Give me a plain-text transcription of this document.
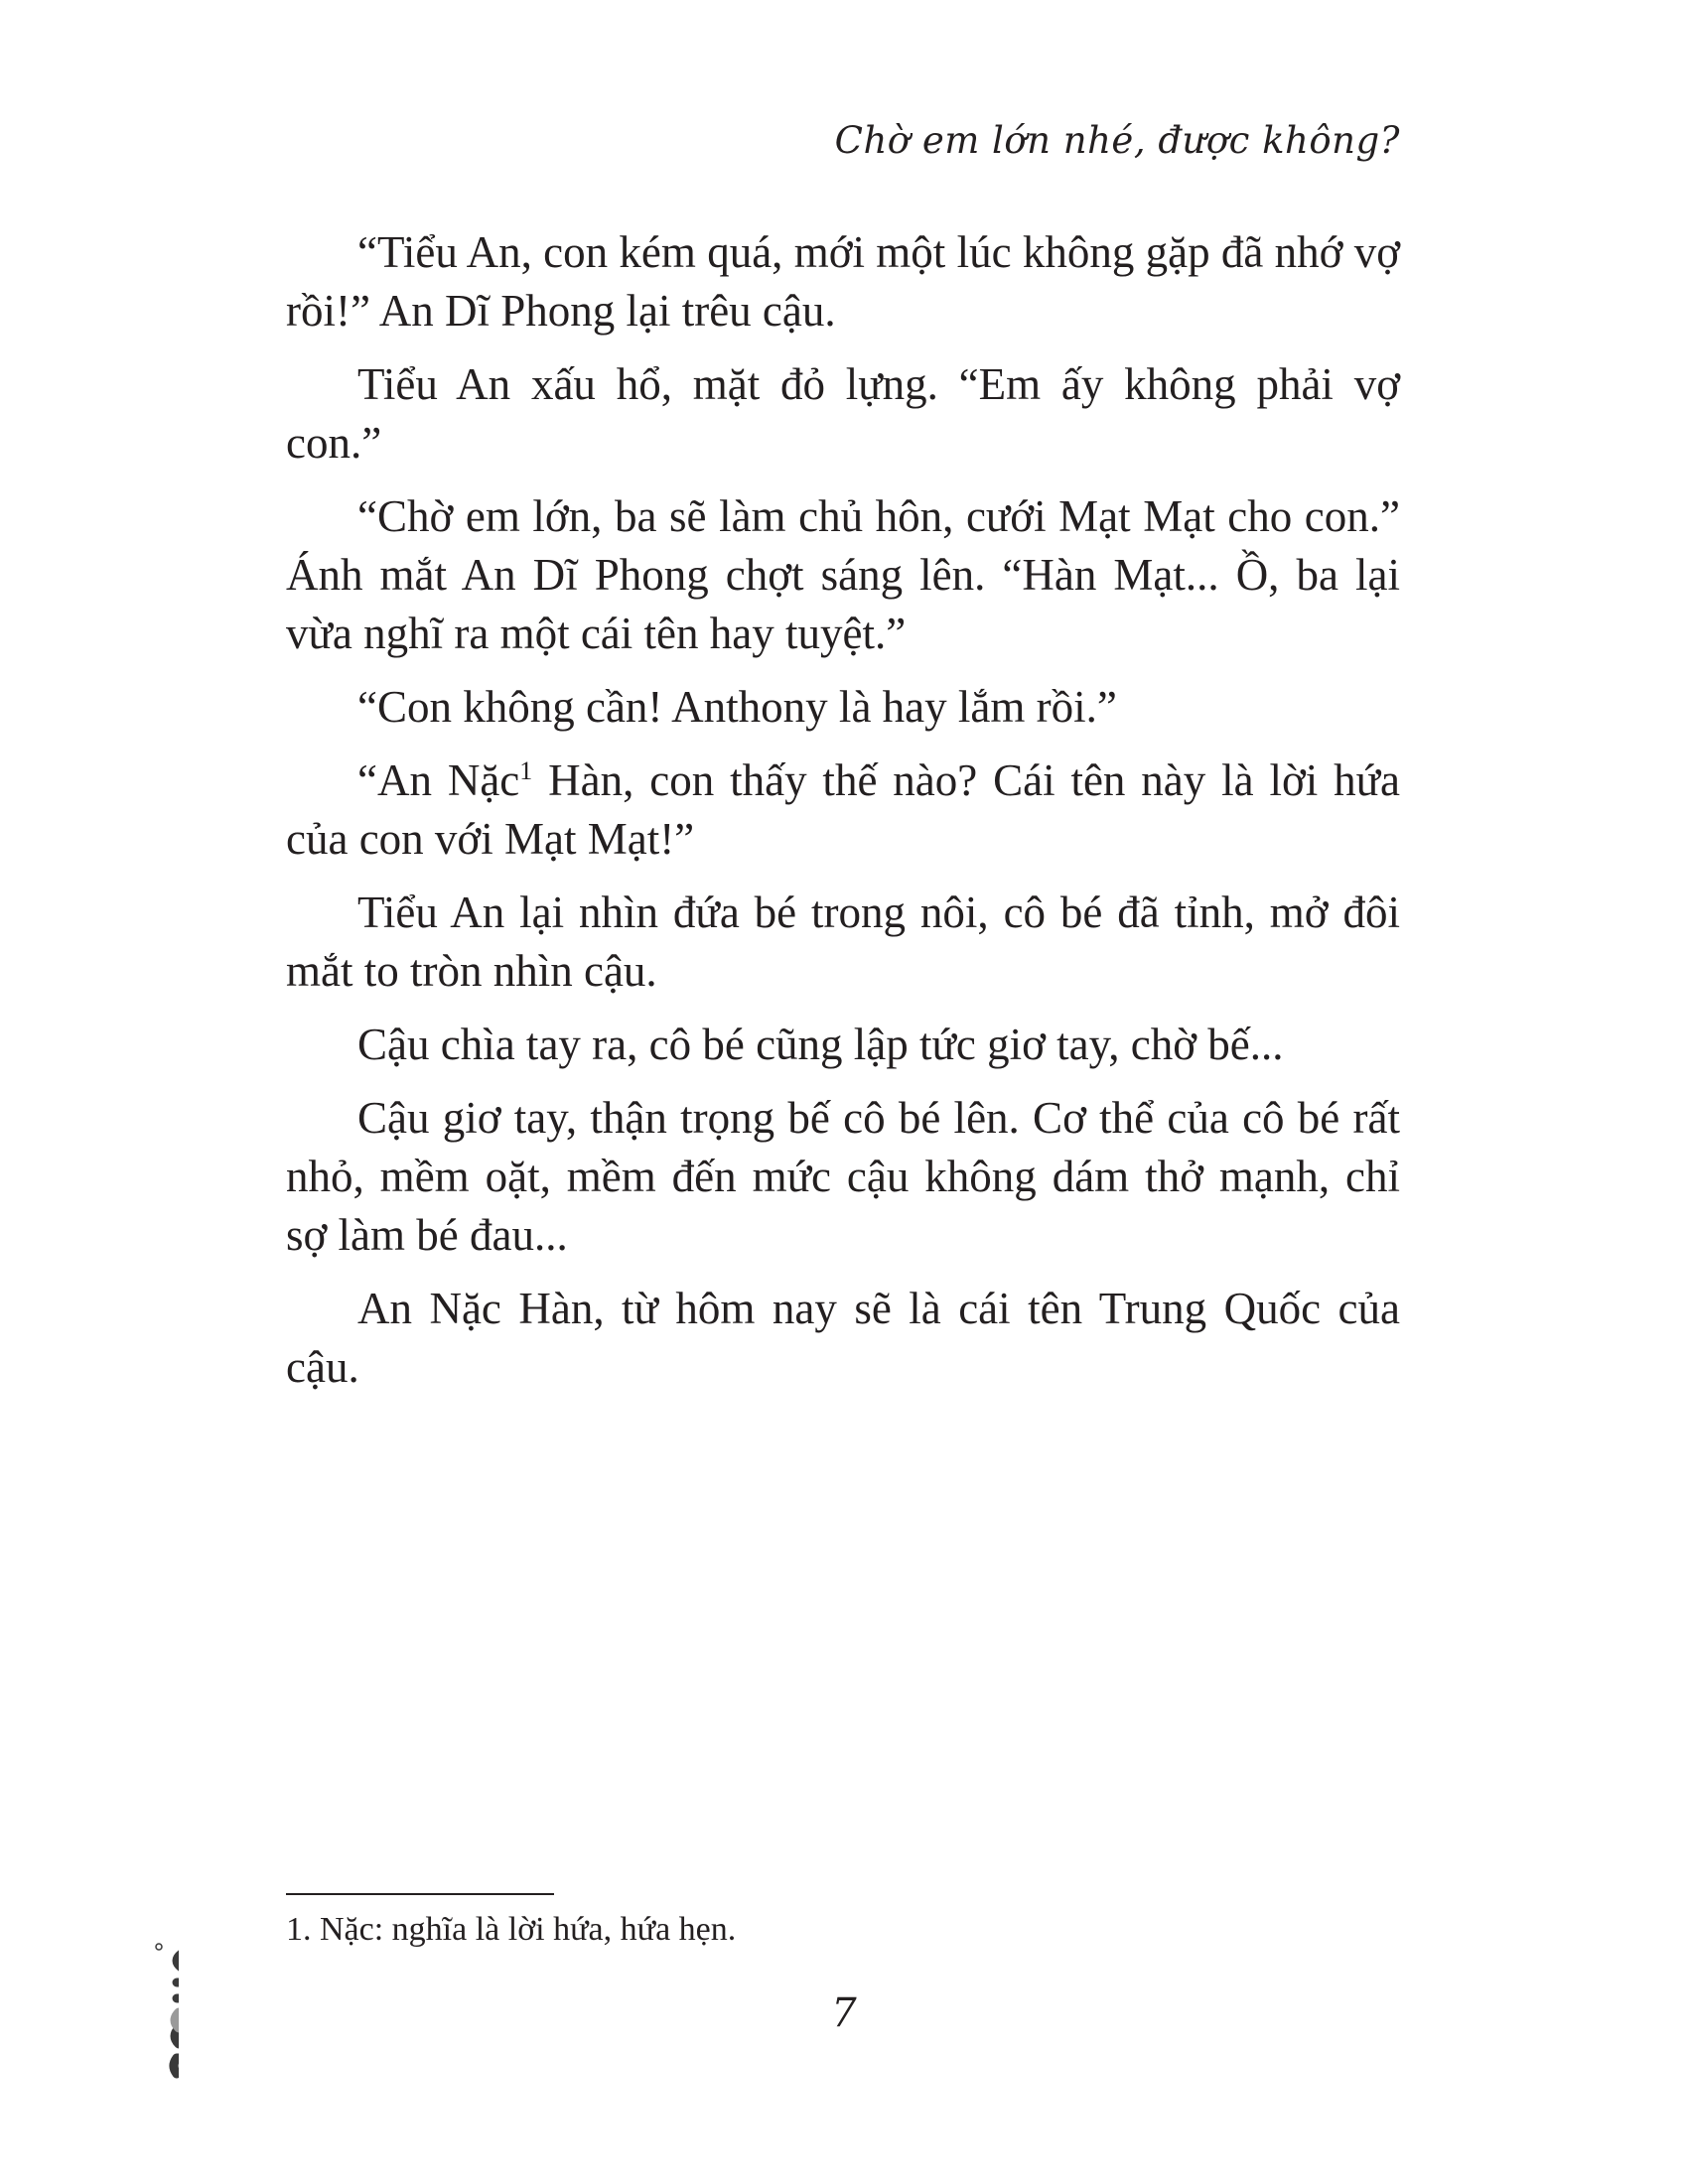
Chờ em lớn nhé, được không?

“Tiểu An, con kém quá, mới một lúc không gặp đã nhớ vợ rồi!” An Dĩ Phong lại trêu cậu.

Tiểu An xấu hổ, mặt đỏ lựng. “Em ấy không phải vợ con.”

“Chờ em lớn, ba sẽ làm chủ hôn, cưới Mạt Mạt cho con.” Ánh mắt An Dĩ Phong chợt sáng lên. “Hàn Mạt... Ồ, ba lại vừa nghĩ ra một cái tên hay tuyệt.”

“Con không cần! Anthony là hay lắm rồi.”

“An Nặc$^1$ Hàn, con thấy thế nào? Cái tên này là lời hứa của con với Mạt Mạt!”

Tiểu An lại nhìn đứa bé trong nôi, cô bé đã tỉnh, mở đôi mắt to tròn nhìn cậu.

Cậu chìa tay ra, cô bé cũng lập tức giơ tay, chờ bế...

Cậu giơ tay, thận trọng bế cô bé lên. Cơ thể của cô bé rất nhỏ, mềm oặt, mềm đến mức cậu không dám thở mạnh, chỉ sợ làm bé đau...

An Nặc Hàn, từ hôm nay sẽ là cái tên Trung Quốc của cậu.

1. Nặc: nghĩa là lời hứa, hứa hẹn.
7
